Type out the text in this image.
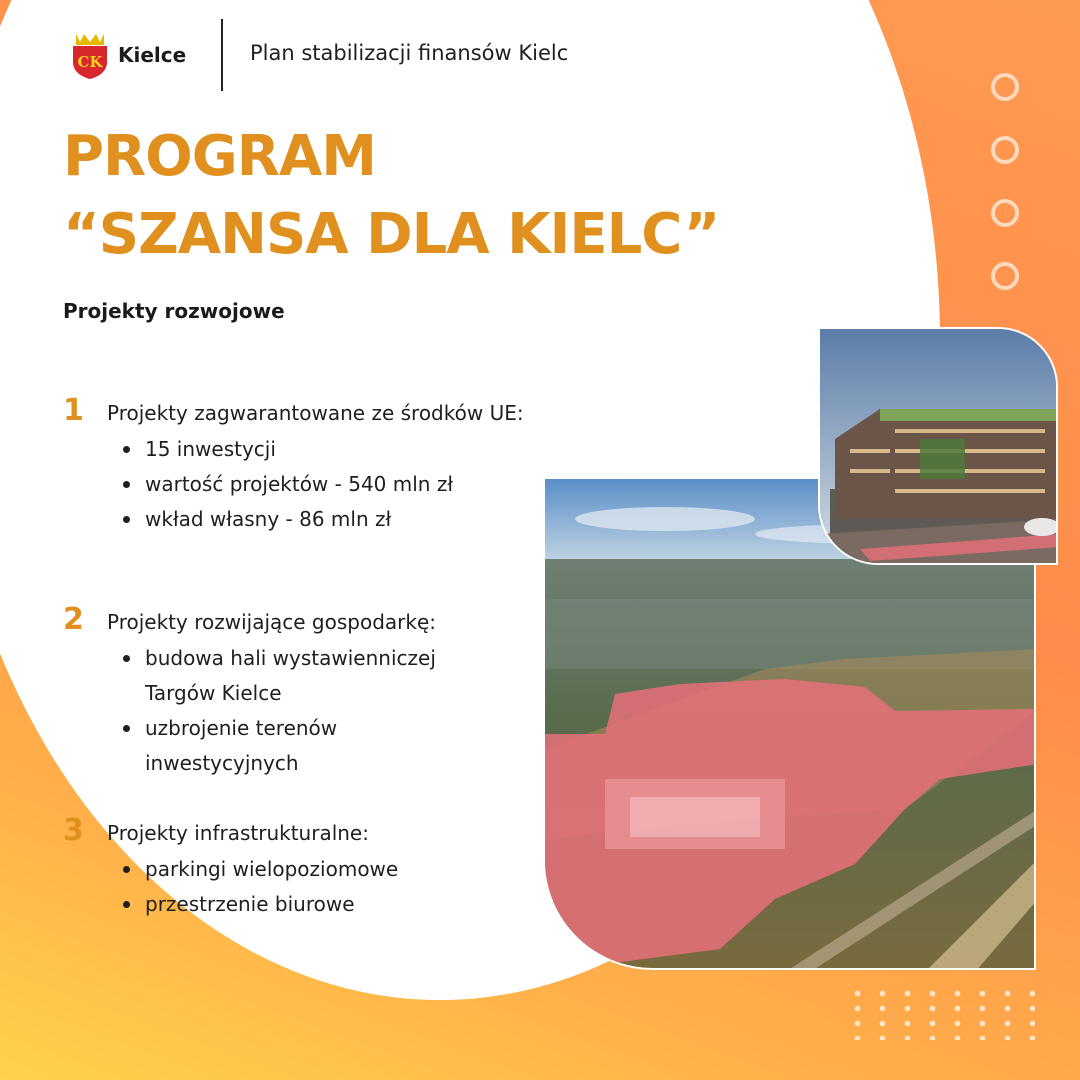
CK Kielce	Plan stabilizacji finansów Kielc
PROGRAM
“SZANSA DLA KIELC”
Projekty rozwojowe
1 Projekty zagwarantowane ze środków UE:
15 inwestycji
wartość projektów - 540 mln zł
wkład własny - 86 mln zł
2 Projekty rozwijające gospodarkę:
budowa hali wystawienniczej Targów Kielce
uzbrojenie terenów inwestycyjnych
3 Projekty infrastrukturalne:
parkingi wielopoziomowe
przestrzenie biurowe
